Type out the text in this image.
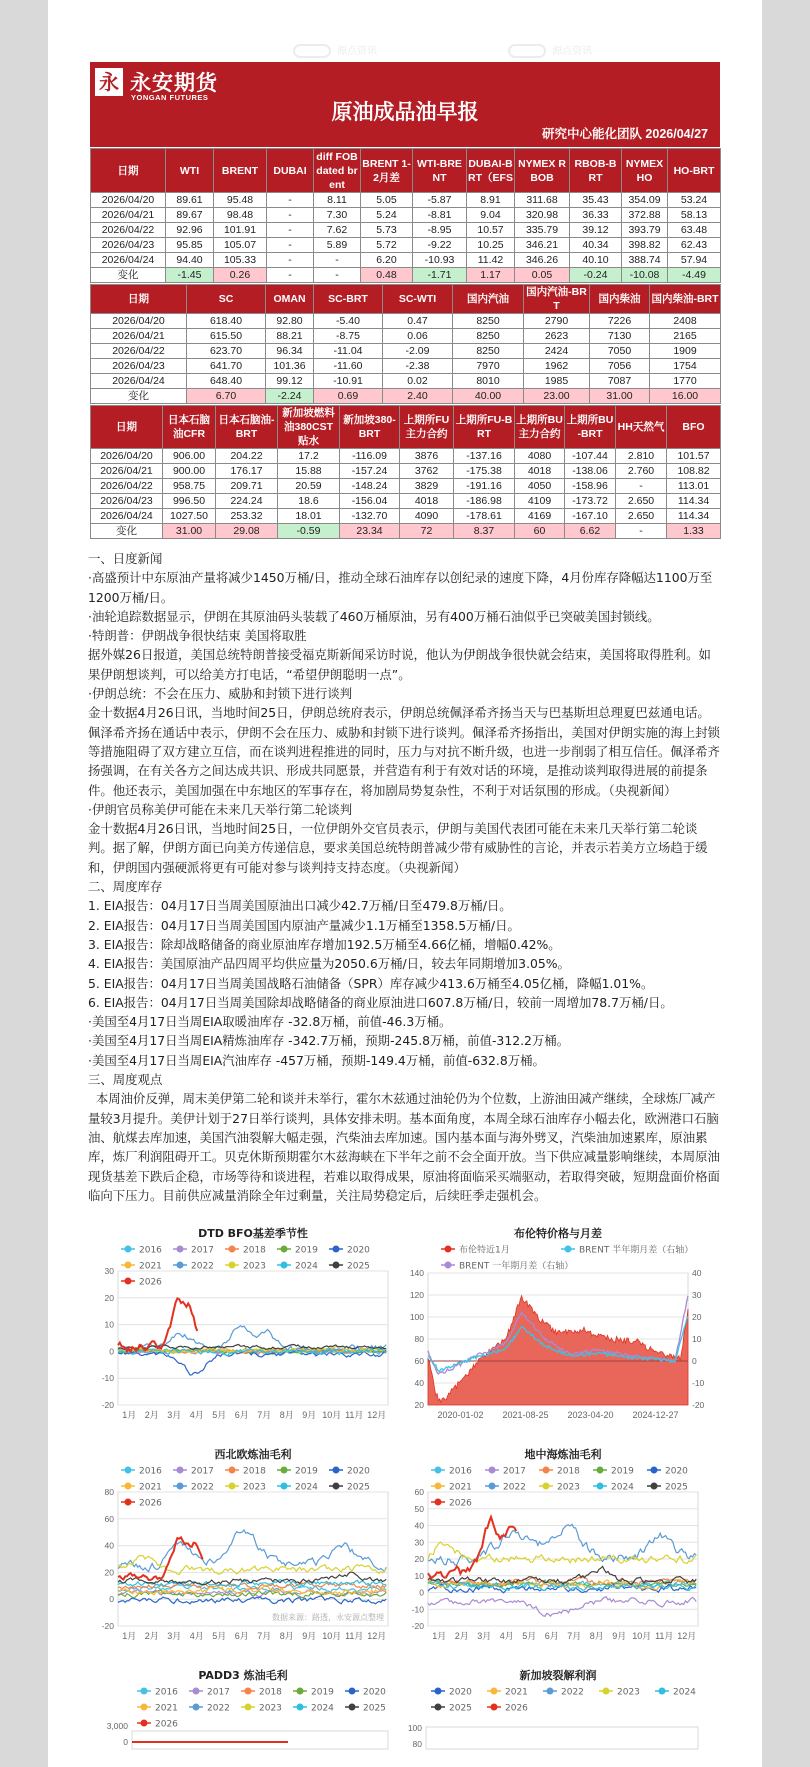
源点资讯	源点资讯
永 永安期货
YONGAN FUTURES
原油成品油早报
研究中心能化团队 2026/04/27
日期	WTI	BRENT	DUBAI	diff FOB dated brent	BRENT 1-2月差	WTI-BRENT	DUBAI-BRT（EFS	NYMEX RBOB	RBOB-BRT	NYMEX HO	HO-BRT
2026/04/20	89.61	95.48	-	8.11	5.05	-5.87	8.91	311.68	35.43	354.09	53.24
2026/04/21	89.67	98.48	-	7.30	5.24	-8.81	9.04	320.98	36.33	372.88	58.13
2026/04/22	92.96	101.91	-	7.62	5.73	-8.95	10.57	335.79	39.12	393.79	63.48
2026/04/23	95.85	105.07	-	5.89	5.72	-9.22	10.25	346.21	40.34	398.82	62.43
2026/04/24	94.40	105.33	-	-	6.20	-10.93	11.42	346.26	40.10	388.74	57.94
变化	-1.45	0.26	-	-	0.48	-1.71	1.17	0.05	-0.24	-10.08	-4.49
日期	SC	OMAN	SC-BRT	SC-WTI	国内汽油	国内汽油-BRT	国内柴油	国内柴油-BRT
2026/04/20	618.40	92.80	-5.40	0.47	8250	2790	7226	2408
2026/04/21	615.50	88.21	-8.75	0.06	8250	2623	7130	2165
2026/04/22	623.70	96.34	-11.04	-2.09	8250	2424	7050	1909
2026/04/23	641.70	101.36	-11.60	-2.38	7970	1962	7056	1754
2026/04/24	648.40	99.12	-10.91	0.02	8010	1985	7087	1770
变化	6.70	-2.24	0.69	2.40	40.00	23.00	31.00	16.00
日期	日本石脑油CFR	日本石脑油-BRT	新加坡燃料油380CST贴水	新加坡380-BRT	上期所FU主力合约	上期所FU-BRT	上期所BU主力合约	上期所BU-BRT	HH天然气	BFO
2026/04/20	906.00	204.22	17.2	-116.09	3876	-137.16	4080	-107.44	2.810	101.57
2026/04/21	900.00	176.17	15.88	-157.24	3762	-175.38	4018	-138.06	2.760	108.82
2026/04/22	958.75	209.71	20.59	-148.24	3829	-191.16	4050	-158.96	-	113.01
2026/04/23	996.50	224.24	18.6	-156.04	4018	-186.98	4109	-173.72	2.650	114.34
2026/04/24	1027.50	253.32	18.01	-132.70	4090	-178.61	4169	-167.10	2.650	114.34
变化	31.00	29.08	-0.59	23.34	72	8.37	60	6.62	-	1.33

一、日度新闻

·高盛预计中东原油产量将减少1450万桶/日，推动全球石油库存以创纪录的速度下降，4月份库存降幅达1100万至1200万桶/日。

·油轮追踪数据显示，伊朗在其原油码头装载了460万桶原油，另有400万桶石油似乎已突破美国封锁线。

·特朗普：伊朗战争很快结束 美国将取胜

据外媒26日报道，美国总统特朗普接受福克斯新闻采访时说，他认为伊朗战争很快就会结束，美国将取得胜利。如果伊朗想谈判，可以给美方打电话，“希望伊朗聪明一点”。

·伊朗总统：不会在压力、威胁和封锁下进行谈判

金十数据4月26日讯，当地时间25日，伊朗总统府表示，伊朗总统佩泽希齐扬当天与巴基斯坦总理夏巴兹通电话。佩泽希齐扬在通话中表示，伊朗不会在压力、威胁和封锁下进行谈判。佩泽希齐扬指出，美国对伊朗实施的海上封锁等措施阻碍了双方建立互信，而在谈判进程推进的同时，压力与对抗不断升级，也进一步削弱了相互信任。佩泽希齐扬强调，在有关各方之间达成共识、形成共同愿景，并营造有利于有效对话的环境，是推动谈判取得进展的前提条件。他还表示，美国加强在中东地区的军事存在，将加剧局势复杂性，不利于对话氛围的形成。（央视新闻）

·伊朗官员称美伊可能在未来几天举行第二轮谈判

金十数据4月26日讯，当地时间25日，一位伊朗外交官员表示，伊朗与美国代表团可能在未来几天举行第二轮谈判。据了解，伊朗方面已向美方传递信息，要求美国总统特朗普减少带有威胁性的言论，并表示若美方立场趋于缓和，伊朗国内强硬派将更有可能对参与谈判持支持态度。（央视新闻）

二、周度库存

1. EIA报告：04月17日当周美国原油出口减少42.7万桶/日至479.8万桶/日。

2. EIA报告：04月17日当周美国国内原油产量减少1.1万桶至1358.5万桶/日。

3. EIA报告：除却战略储备的商业原油库存增加192.5万桶至4.66亿桶，增幅0.42%。

4. EIA报告：美国原油产品四周平均供应量为2050.6万桶/日，较去年同期增加3.05%。

5. EIA报告：04月17日当周美国战略石油储备（SPR）库存减少413.6万桶至4.05亿桶，降幅1.01%。

6. EIA报告：04月17日当周美国除却战略储备的商业原油进口607.8万桶/日，较前一周增加78.7万桶/日。

·美国至4月17日当周EIA取暖油库存 -32.8万桶，前值-46.3万桶。

·美国至4月17日当周EIA精炼油库存 -342.7万桶，预期-245.8万桶，前值-312.2万桶。

·美国至4月17日当周EIA汽油库存 -457万桶，预期-149.4万桶，前值-632.8万桶。

三、周度观点

本周油价反弹，周末美伊第二轮和谈并未举行，霍尔木兹通过油轮仍为个位数，上游油田减产继续，全球炼厂减产量较3月提升。美伊计划于27日举行谈判，具体安排未明。基本面角度，本周全球石油库存小幅去化，欧洲港口石脑油、航煤去库加速，美国汽油裂解大幅走强，汽柴油去库加速。国内基本面与海外劈叉，汽柴油加速累库，原油累库，炼厂利润阻碍开工。贝克休斯预期霍尔木兹海峡在下半年之前不会全面开放。当下供应减量影响继续，本周原油现货基差下跌后企稳，市场等待和谈进程，若难以取得成果，原油将面临采买端驱动，若取得突破，短期盘面价格面临向下压力。目前供应减量消除全年过剩量，关注局势稳定后，后续旺季走强机会。

DTD BFO基差季节性
30
20
10
0
-10
-20
1月 2月 3月 4月 5月 6月 7月 8月 9月 10月 11月 12月
2016	2017	2018	2019	2020
2021	2022	2023	2024	2025
2026
布伦特价格与月差
140
120
100
80
60
40
20
40
30
20
10
0
-10
-20
2020-01-02 2021-08-25 2023-04-20 2024-12-27
布伦特近1月	BRENT 半年期月差（右轴）
BRENT 一年期月差（右轴）
西北欧炼油毛利
80
60
40
20
0
-20
1月 2月 3月 4月 5月 6月 7月 8月 9月 10月 11月 12月
2016	2017	2018	2019	2020
2021	2022	2023	2024	2025
2026
数据来源：路透，永安源点整理
地中海炼油毛利
60
50
40
30
20
10
0
-10
-20
1月 2月 3月 4月 5月 6月 7月 8月 9月 10月 11月 12月
2016	2017	2018	2019	2020
2021	2022	2023	2024	2025
2026
PADD3 炼油毛利
2016	2017	2018	2019	2020
2021	2022	2023	2024	2025
2026
3,000
0
新加坡裂解利润
2020	2021	2022	2023	2024
2025	2026
100
80
